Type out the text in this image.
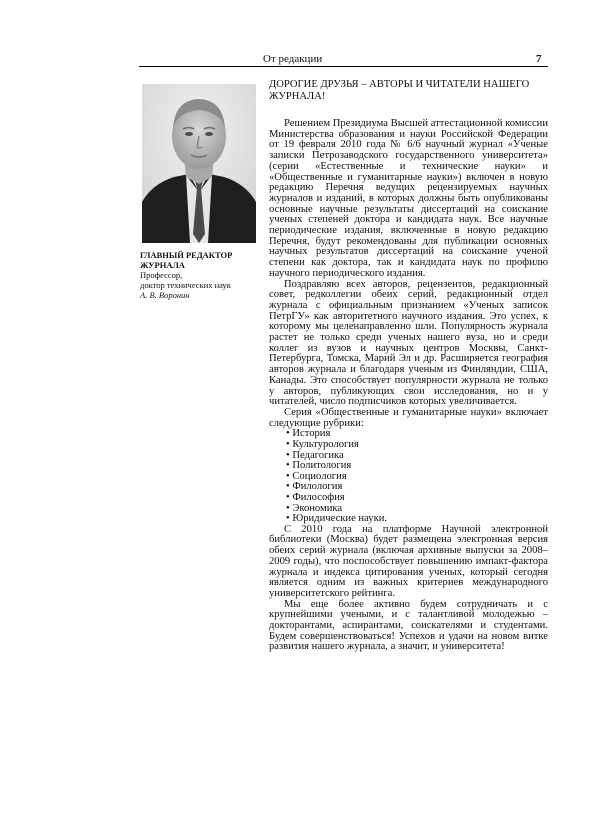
От редакции	7
ГЛАВНЫЙ РЕДАКТОР ЖУРНАЛА
Профессор,
доктор технических наук
А. В. Воронин
ДОРОГИЕ ДРУЗЬЯ – АВТОРЫ И ЧИТАТЕЛИ НАШЕГО ЖУРНАЛА!

Решением Президиума Высшей аттестационной комиссии Министерства образования и науки Российской Федерации от 19 февраля 2010 года № 6/6 научный журнал «Ученые записки Петрозаводского государственного университета» (серии «Естественные и технические науки» и «Общественные и гуманитарные науки») включен в новую редакцию Перечня ведущих рецензируемых научных журналов и изданий, в которых должны быть опубликованы основные научные результаты диссертаций на соискание ученых степеней доктора и кандидата наук. Все научные периодические издания, включенные в новую редакцию Перечня, будут рекомендованы для публикации основных научных результатов диссертаций на соискание ученой степени как доктора, так и кандидата наук по профилю научного периодического издания.

Поздравляю всех авторов, рецензентов, редакционный совет, редколлегии обеих серий, редакционный отдел журнала с официальным признанием «Ученых записок ПетрГУ» как авторитетного научного издания. Это успех, к которому мы целенаправленно шли. Популярность журнала растет не только среди ученых нашего вуза, но и среди коллег из вузов и научных центров Москвы, Санкт-Петербурга, Томска, Марий Эл и др. Расширяется география авторов журнала и благодаря ученым из Финляндии, США, Канады. Это способствует популярности журнала не только у авторов, публикующих свои исследования, но и у читателей, число подписчиков которых увеличивается.

Серия «Общественные и гуманитарные науки» включает следующие рубрики:

• История
• Культурология
• Педагогика
• Политология
• Социология
• Филология
• Философия
• Экономика
• Юридические науки.

С 2010 года на платформе Научной электронной библиотеки (Москва) будет размещена электронная версия обеих серий журнала (включая архивные выпуски за 2008–2009 годы), что поспособствует повышению импакт-фактора журнала и индекса цитирования ученых, который сегодня является одним из важных критериев международного университетского рейтинга.

Мы еще более активно будем сотрудничать и с крупнейшими учеными, и с талантливой молодежью – докторантами, аспирантами, соискателями и студентами. Будем совершенствоваться! Успехов и удачи на новом витке развития нашего журнала, а значит, и университета!
